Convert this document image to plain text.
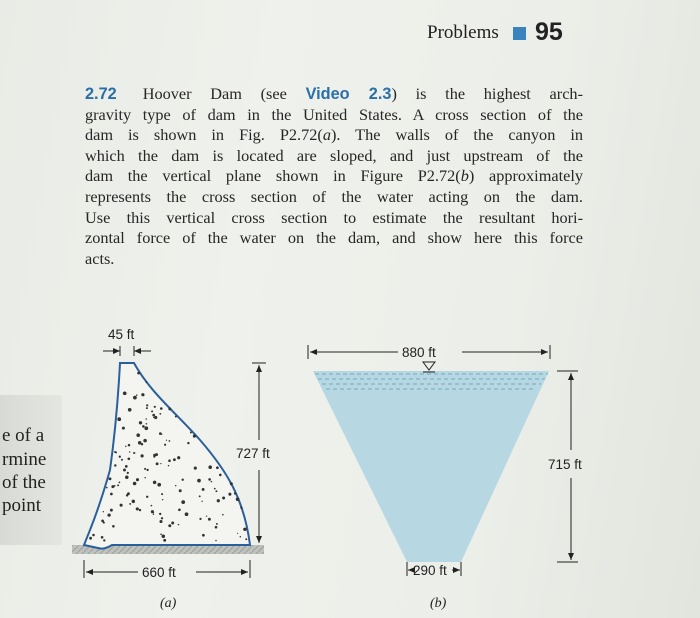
e of a
rmine
of the
point
Problems 95
2.72 Hoover Dam (see Video 2.3) is the highest arch-
gravity type of dam in the United States. A cross section of the
dam is shown in Fig. P2.72(a). The walls of the canyon in
which the dam is located are sloped, and just upstream of the
dam the vertical plane shown in Figure P2.72(b) approximately
represents the cross section of the water acting on the dam.
Use this vertical cross section to estimate the resultant hori-
zontal force of the water on the dam, and show here this force
acts.
45 ft
727 ft
660 ft
(a)
880 ft
715 ft
290 ft
(b)
